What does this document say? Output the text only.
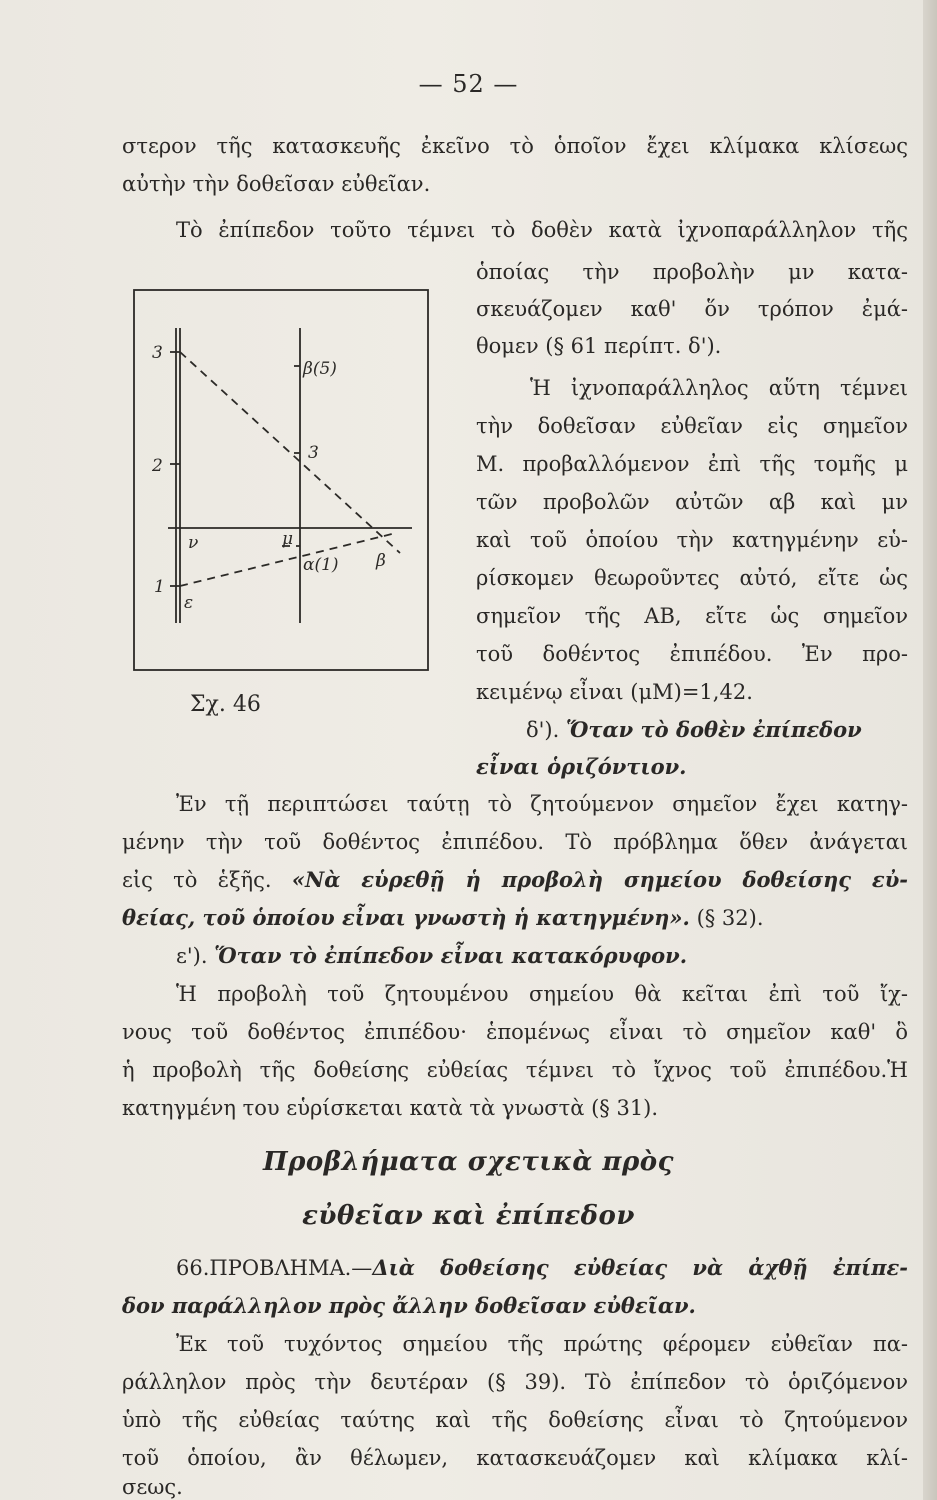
— 52 —
στερον τῆς κατασκευῆς ἐκεῖνο τὸ ὁποῖον ἔχει κλίμακα κλίσεως
αὐτὴν τὴν δοθεῖσαν εὐθεῖαν.
Τὸ ἐπίπεδον τοῦτο τέμνει τὸ δοθὲν κατὰ ἰχνοπαράλληλον τῆς
3
2
1
ε
ν
β(5)
3
α(1) β
μ
Σχ. 46
ὁποίας τὴν προβολὴν μν κατα-
σκευάζομεν καθ' ὅν τρόπον ἐμά-
θομεν (§ 61 περίπτ. δ').
Ἡ ἰχνοπαράλληλος αὕτη τέμνει
τὴν δοθεῖσαν εὐθεῖαν εἰς σημεῖον
Μ. προβαλλόμενον ἐπὶ τῆς τομῆς μ
τῶν προβολῶν αὐτῶν αβ καὶ μν
καὶ τοῦ ὁποίου τὴν κατηγμένην εὑ-
ρίσκομεν θεωροῦντες αὐτό, εἴτε ὡς
σημεῖον τῆς ΑΒ, εἴτε ὡς σημεῖον
τοῦ δοθέντος ἐπιπέδου. Ἐν προ-
κειμένῳ εἶναι (μΜ)=1,42.
δ'). Ὅταν τὸ δοθὲν ἐπίπεδον
εἶναι ὁριζόντιον.
Ἐν τῇ περιπτώσει ταύτῃ τὸ ζητούμενον σημεῖον ἔχει κατηγ-
μένην τὴν τοῦ δοθέντος ἐπιπέδου. Τὸ πρόβλημα ὅθεν ἀνάγεται
εἰς τὸ ἑξῆς. «Νὰ εὑρεθῇ ἡ προβολὴ σημείου δοθείσης εὐ-
θείας, τοῦ ὁποίου εἶναι γνωστὴ ἡ κατηγμένη». (§ 32).
ε'). Ὅταν τὸ ἐπίπεδον εἶναι κατακόρυφον.
Ἡ προβολὴ τοῦ ζητουμένου σημείου θὰ κεῖται ἐπὶ τοῦ ἴχ-
νους τοῦ δοθέντος ἐπιπέδου· ἑπομένως εἶναι τὸ σημεῖον καθ' ὃ
ἡ προβολὴ τῆς δοθείσης εὐθείας τέμνει τὸ ἴχνος τοῦ ἐπιπέδου.Ἡ
κατηγμένη του εὑρίσκεται κατὰ τὰ γνωστὰ (§ 31).
Προβλήματα σχετικὰ πρὸς
εὐθεῖαν καὶ ἐπίπεδον
66.ΠΡΟΒΛΗΜΑ.—Διὰ δοθείσης εὐθείας νὰ ἀχθῇ ἐπίπε-
δον παράλληλον πρὸς ἄλλην δοθεῖσαν εὐθεῖαν.
Ἐκ τοῦ τυχόντος σημείου τῆς πρώτης φέρομεν εὐθεῖαν πα-
ράλληλον πρὸς τὴν δευτέραν (§ 39). Τὸ ἐπίπεδον τὸ ὁριζόμενον
ὑπὸ τῆς εὐθείας ταύτης καὶ τῆς δοθείσης εἶναι τὸ ζητούμενον
τοῦ ὁποίου, ἂν θέλωμεν, κατασκευάζομεν καὶ κλίμακα κλί-
σεως.
